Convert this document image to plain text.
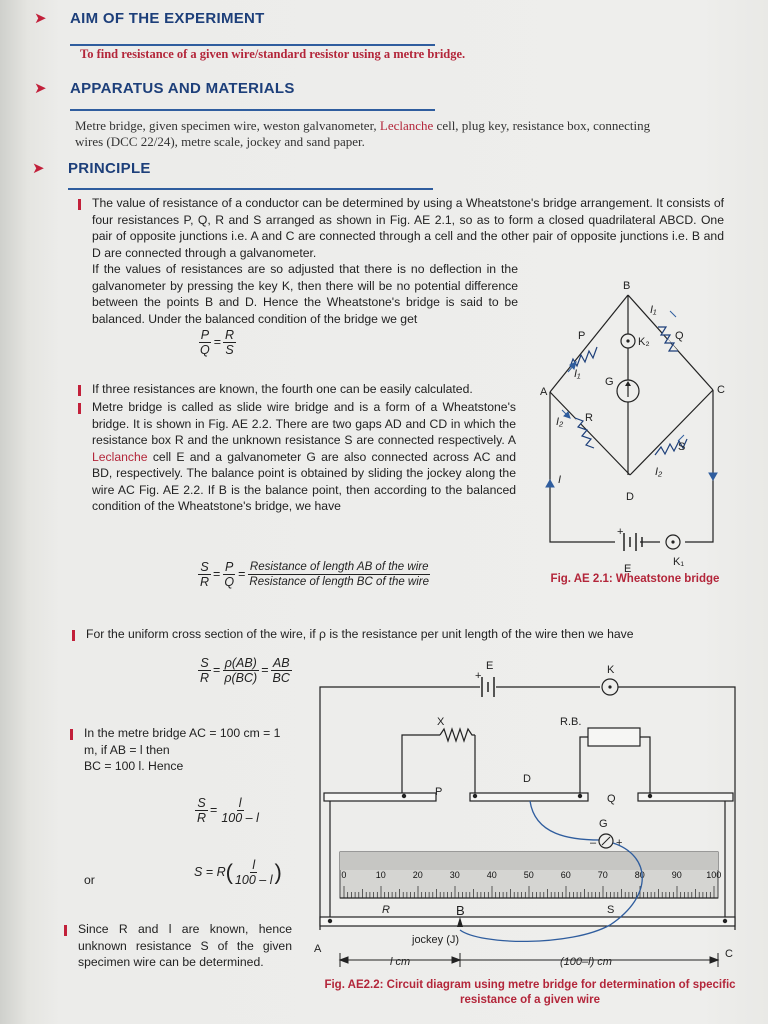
➤ AIM OF THE EXPERIMENT
To find resistance of a given wire/standard resistor using a metre bridge.
➤ APPARATUS AND MATERIALS
Metre bridge, given specimen wire, weston galvanometer, Leclanche cell, plug key, resistance box, connecting
wires (DCC 22/24), metre scale, jockey and sand paper.
➤ PRINCIPLE
The value of resistance of a conductor can be determined by using a Wheatstone's bridge arrangement. It consists of four resistances P, Q, R and S arranged as shown in Fig. AE 2.1, so as to form a closed quadrilateral ABCD. One pair of opposite junctions i.e. A and C are connected through a cell and the other pair of opposite junctions i.e. B and D are connected through a galvanometer.
If the values of resistances are so adjusted that there is no deflection in the galvanometer by pressing the key K, then there will be no potential difference between the points B and D. Hence the Wheatstone's bridge is said to be balanced. Under the balanced condition of the bridge we get
$\frac{P}{Q} = \frac{R}{S}$
If three resistances are known, the fourth one can be easily calculated.
Metre bridge is called as slide wire bridge and is a form of a Wheatstone's bridge. It is shown in Fig. AE 2.2. There are two gaps AD and CD in which the resistance box R and the unknown resistance S are connected respectively. A Leclanche cell E and a galvanometer G are also connected across AC and BD, respectively. The balance point is obtained by sliding the jockey along the wire AC Fig. AE 2.2. If B is the balance point, then according to the balanced condition of the Wheatstone's bridge, we have
$\frac{S}{R} = \frac{P}{Q} = \frac{\text{Resistance of length AB of the wire}}{\text{Resistance of length BC of the wire}}$
For the uniform cross section of the wire, if ρ is the resistance per unit length of the wire then we have
$\frac{S}{R} = \frac{\rho(AB)}{\rho(BC)} = \frac{AB}{BC}$
In the metre bridge AC = 100 cm = 1
m, if AB = l then
BC = 100 l. Hence
$\frac{S}{R} = \frac{l}{100 - l}$
or
$S = R( \frac{l}{100 - l}$ )
Since R and l are known, hence unknown resistance S of the given specimen wire can be determined.
+
B
A	C
D
E
K₁
K₂
G
P	Q
R
S
I
I₁
I₁
I₂
I₂
Fig. AE 2.1: Wheatstone bridge
+
0	10	20	30	40	50	60	70	80	90	100
– +
E	K
X	R.B.
D
P
Q
G
R	S
B
A	C
jockey (J)
l cm	(100–l) cm
Fig. AE2.2: Circuit diagram using metre bridge for determination of specific
resistance of a given wire
